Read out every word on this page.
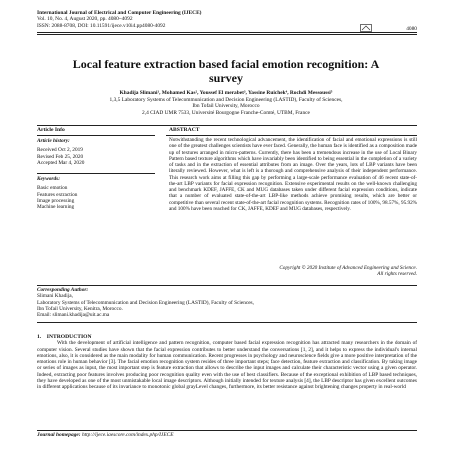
International Journal of Electrical and Computer Engineering (IJECE)
Vol. 10, No. 4, August 2020, pp. 4080~4092
ISSN: 2088-8708, DOI: 10.11591/ijece.v10i4.pp4080-4092
4080
Local feature extraction based facial emotion recognition: A survey
Khadija Slimani¹, Mohamed Kas², Youssef El merabet³, Yassine Ruichek⁴, Rochdi Messoussi⁵
1,3,5 Laboratory Systems of Telecommunication and Decision Engineering (LASTID), Faculty of Sciences,
Ibn Tofail University, Morocco
2,4 CIAD UMR 7533, Université Bourgogne Franche-Comté, UTBM, France
Article Info
Article history:
Received Oct 2, 2019
Revised Feb 25, 2020
Accepted Mar 4, 2020
Keywords:
Basic emotion
Features extraction
Image processing
Machine learning
ABSTRACT
Notwithstanding the recent technological advancement, the identification of facial and emotional expressions is still one of the greatest challenges scientists have ever faced. Generally, the human face is identified as a composition made up of textures arranged in micro-patterns. Currently, there has been a tremendous increase in the use of Local Binary Pattern based texture algorithms which have invariably been identified to being essential in the completion of a variety of tasks and in the extraction of essential attributes from an image. Over the years, lots of LBP variants have been literally reviewed. However, what is left is a thorough and comprehensive analysis of their independent performance. This research work aims at filling this gap by performing a large-scale performance evaluation of 46 recent state-of-the-art LBP variants for facial expression recognition. Extensive experimental results on the well-known challenging and benchmark KDEF, JAFFE, CK and MUG databases taken under different facial expression conditions, indicate that a number of evaluated state-of-the-art LBP-like methods achieve promising results, which are better or competitive than several recent state-of-the-art facial recognition systems. Recognition rates of 100%, 98.57%, 95.92% and 100% have been reached for CK, JAFFE, KDEF and MUG databases, respectively.
Copyright © 2020 Institute of Advanced Engineering and Science.
All rights reserved.
Corresponding Author:
Slimani Khadija,
Laboratory Systems of Telecommunication and Decision Engineering (LASTID), Faculty of Sciences,
Ibn Tofail University, Kenitra, Morocco.
Email: slimani.khadija@uit.ac.ma
1.    INTRODUCTION
With the development of artificial intelligence and pattern recognition, computer based facial expression recognition has attracted many researchers in the domain of computer vision. Several studies have shown that the facial expression contributes to better understand the conversations [1, 2], and it helps to express the individual's internal emotions, also, it is considered as the main modality for human communication. Recent progresses in psychology and neuroscience fields give a more positive interpretation of the emotions role in human behavior [3]. The facial emotion recognition system resides of three important steps; face detection, feature extraction and classification. By taking image or series of images as input, the most important step is feature extraction that allows to describe the input images and calculate their characteristic vector using a given operator. Indeed, extracting poor features involves producing poor recognition quality even with the use of best classifiers. Because of the exceptional exhibition of LBP based techniques, they have developed as one of the most unmistakable local image descriptors. Although initially intended for texture analysis [4], the LBP descriptor has given excellent outcomes in different applications because of its invariance to monotonic global grayLevel changes, furthermore, its better resistance against brightening changes property in real-world
Journal homepage: http://ijece.iaescore.com/index.php/IJECE
